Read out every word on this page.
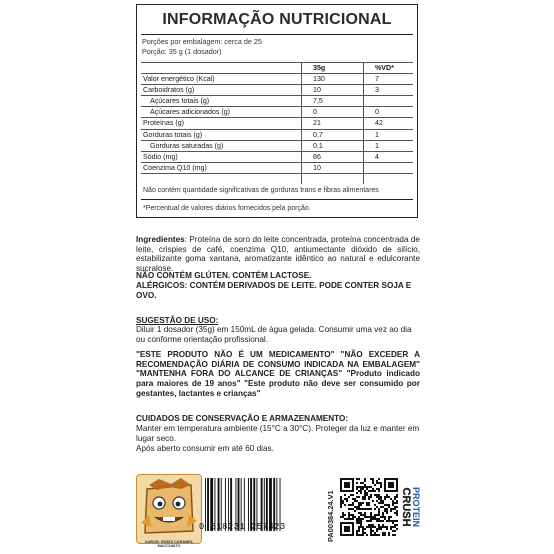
INFORMAÇÃO NUTRICIONAL
Porções por embalagem: cerca de 25
Porção: 35 g (1 dosador)
35g	%VD*
Valor energético (Kcal)	130	7
Carboidratos (g)	10	3
Açúcares totais (g)	7,5
Açúcares adicionados (g)	0	0
Proteínas (g)	21	42
Gorduras totais (g)	0,7	1
Gorduras saturadas (g)	0,1	1
Sódio (mg)	86	4
Coenzima Q10 (mg)	10
Não contém quantidade significativas de gorduras trans e fibras alimentares
*Percentual de valores diários fornecidos pela porção.
Ingredientes: Proteína de soro do leite concentrada, proteína concentrada de leite, crispies de café, coenzima Q10, antiumectante dióxido de silício, estabilizante goma xantana, aromatizante idêntico ao natural e edulcorante sucralose.
NÃO CONTÉM GLÚTEN. CONTÉM LACTOSE.
ALÉRGICOS: CONTÉM DERIVADOS DE LEITE. PODE CONTER SOJA E OVO.
SUGESTÃO DE USO:
Diluir 1 dosador (35g) em 150mL de água gelada. Consumir uma vez ao dia ou conforme orientação profissional.
"ESTE PRODUTO NÃO É UM MEDICAMENTO" "NÃO EXCEDER A RECOMENDAÇÃO DIÁRIA DE CONSUMO INDICADA NA EMBALAGEM" "MANTENHA FORA DO ALCANCE DE CRIANÇAS" "Produto indicado para maiores de 19 anos" "Este produto não deve ser consumido por gestantes, lactantes e crianças"
CUIDADOS DE CONSERVAÇÃO E ARMAZENAMENTO:
Manter em temperatura ambiente (15°C a 30°C). Proteger da luz e manter em lugar seco.
Após aberto consumir em até 60 dias.
SABOR: SWISS CARAMEL MACCHIATO
0 618231 257423	PA00384.24.V1	PROTEIN
CRUSH
